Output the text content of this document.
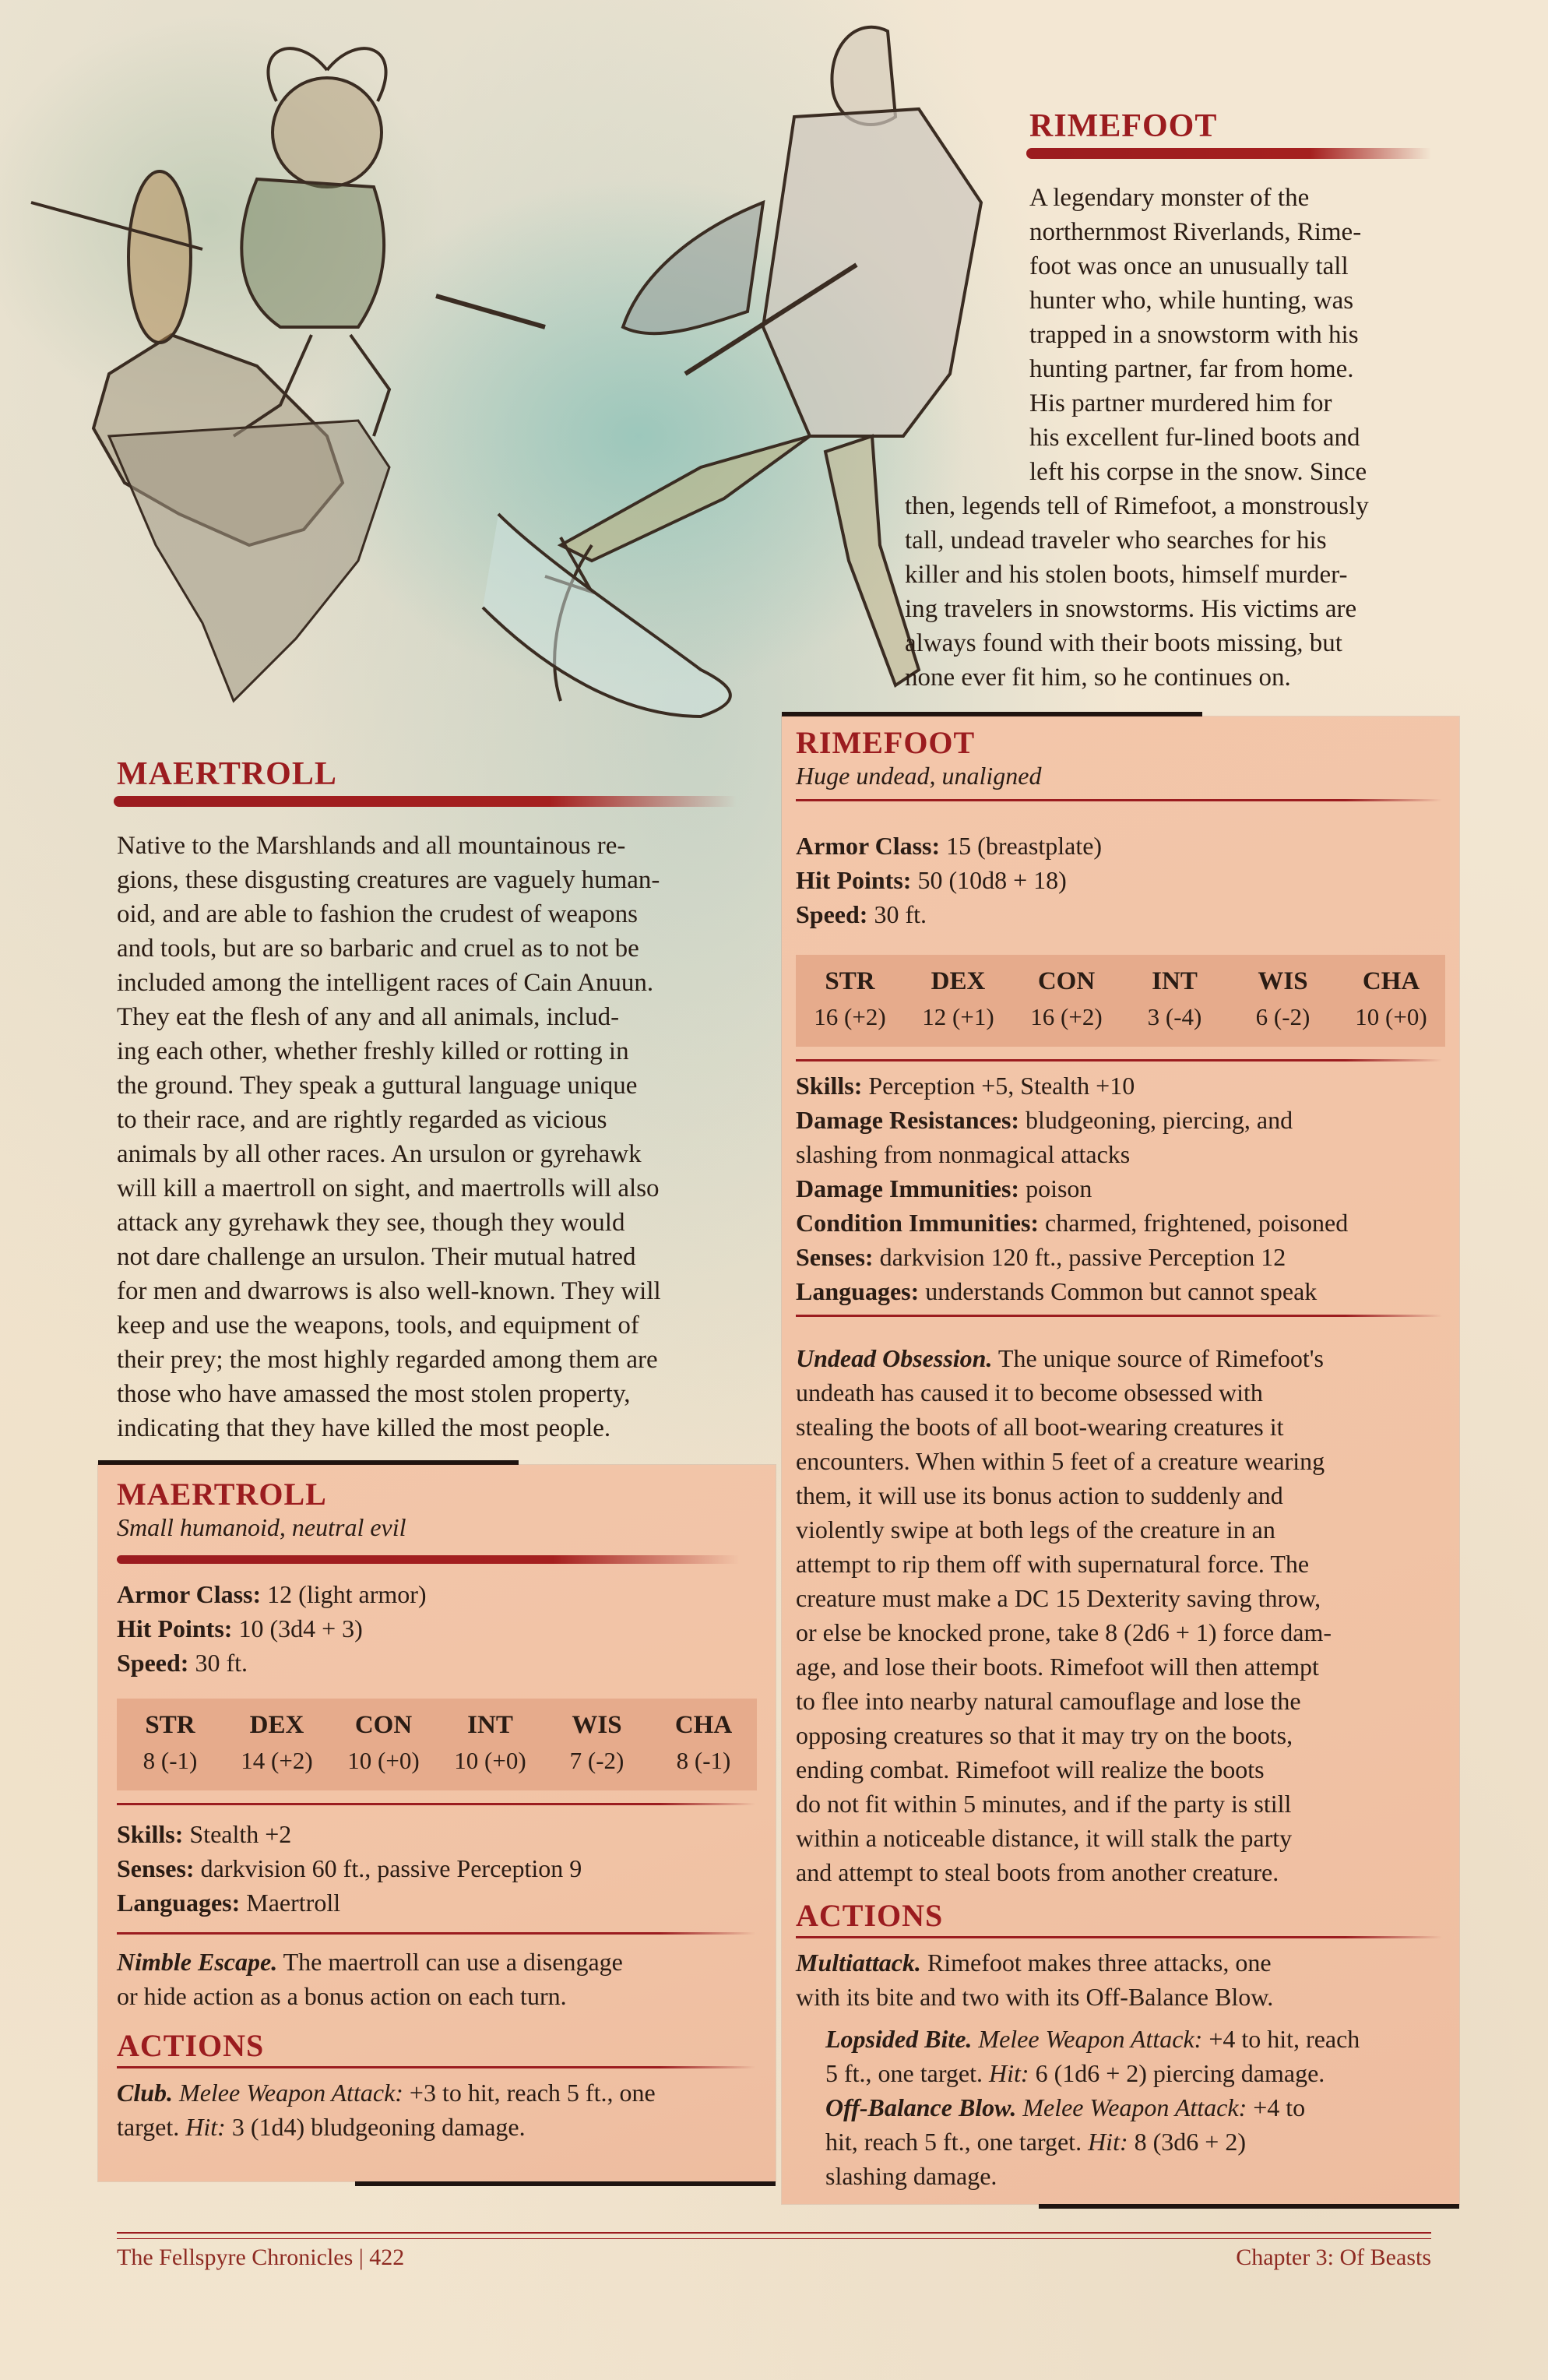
RIMEFOOT

A legendary monster of the

northernmost Riverlands, Rime-

foot was once an unusually tall

hunter who, while hunting, was

trapped in a snowstorm with his

hunting partner, far from home.

His partner murdered him for

his excellent fur-lined boots and

left his corpse in the snow. Since

then, legends tell of Rimefoot, a monstrously

tall, undead traveler who searches for his

killer and his stolen boots, himself murder-

ing travelers in snowstorms. His victims are

always found with their boots missing, but

none ever fit him, so he continues on.

MAERTROLL

Native to the Marshlands and all mountainous re-

gions, these disgusting creatures are vaguely human-

oid, and are able to fashion the crudest of weapons

and tools, but are so barbaric and cruel as to not be

included among the intelligent races of Cain Anuun.

They eat the flesh of any and all animals, includ-

ing each other, whether freshly killed or rotting in

the ground. They speak a guttural language unique

to their race, and are rightly regarded as vicious

animals by all other races. An ursulon or gyrehawk

will kill a maertroll on sight, and maertrolls will also

attack any gyrehawk they see, though they would

not dare challenge an ursulon. Their mutual hatred

for men and dwarrows is also well-known. They will

keep and use the weapons, tools, and equipment of

their prey; the most highly regarded among them are

those who have amassed the most stolen property,

indicating that they have killed the most people.

MAERTROLL
Small humanoid, neutral evil
Armor Class: 12 (light armor)
Hit Points: 10 (3d4 + 3)
Speed: 30 ft.
STR	DEX	CON	INT	WIS	CHA
8 (-1)	14 (+2)	10 (+0)	10 (+0)	7 (-2)	8 (-1)
Skills: Stealth +2
Senses: darkvision 60 ft., passive Perception 9
Languages: Maertroll
Nimble Escape. The maertroll can use a disengage
or hide action as a bonus action on each turn.
ACTIONS
Club. Melee Weapon Attack: +3 to hit, reach 5 ft., one
target. Hit: 3 (1d4) bludgeoning damage.
RIMEFOOT
Huge undead, unaligned
Armor Class: 15 (breastplate)
Hit Points: 50 (10d8 + 18)
Speed: 30 ft.
STR	DEX	CON	INT	WIS	CHA
16 (+2)	12 (+1)	16 (+2)	3 (-4)	6 (-2)	10 (+0)
Skills: Perception +5, Stealth +10
Damage Resistances: bludgeoning, piercing, and
slashing from nonmagical attacks
Damage Immunities: poison
Condition Immunities: charmed, frightened, poisoned
Senses: darkvision 120 ft., passive Perception 12
Languages: understands Common but cannot speak
Undead Obsession. The unique source of Rimefoot's
undeath has caused it to become obsessed with
stealing the boots of all boot-wearing creatures it
encounters. When within 5 feet of a creature wearing
them, it will use its bonus action to suddenly and
violently swipe at both legs of the creature in an
attempt to rip them off with supernatural force. The
creature must make a DC 15 Dexterity saving throw,
or else be knocked prone, take 8 (2d6 + 1) force dam-
age, and lose their boots. Rimefoot will then attempt
to flee into nearby natural camouflage and lose the
opposing creatures so that it may try on the boots,
ending combat. Rimefoot will realize the boots
do not fit within 5 minutes, and if the party is still
within a noticeable distance, it will stalk the party
and attempt to steal boots from another creature.
ACTIONS
Multiattack. Rimefoot makes three attacks, one
with its bite and two with its Off-Balance Blow.
Lopsided Bite. Melee Weapon Attack: +4 to hit, reach
5 ft., one target. Hit: 6 (1d6 + 2) piercing damage.
Off-Balance Blow. Melee Weapon Attack: +4 to
hit, reach 5 ft., one target. Hit: 8 (3d6 + 2)
slashing damage.
The Fellspyre Chronicles | 422	Chapter 3: Of Beasts
